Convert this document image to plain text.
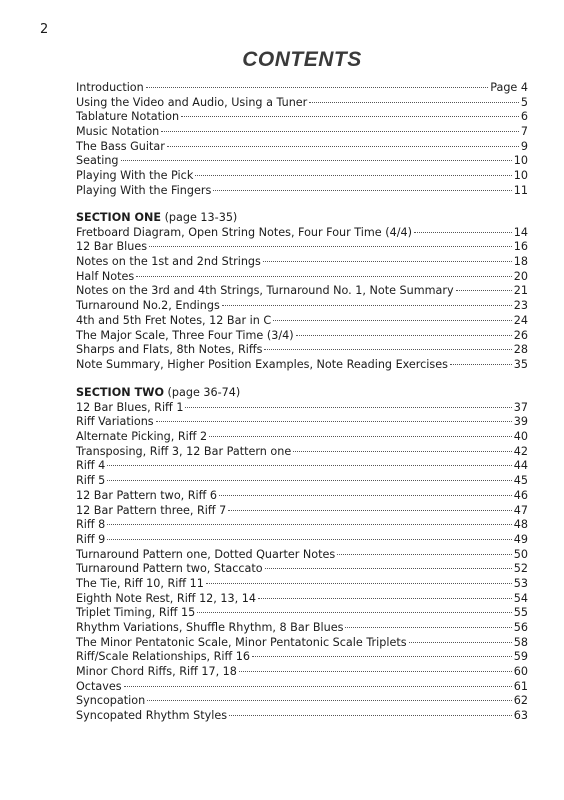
2
CONTENTS
Introduction	Page 4
Using the Video and Audio, Using a Tuner	5
Tablature Notation	6
Music Notation	7
The Bass Guitar	9
Seating	10
Playing With the Pick	10
Playing With the Fingers	11
SECTION ONE (page 13-35)
Fretboard Diagram, Open String Notes, Four Four Time (4/4)	14
12 Bar Blues	16
Notes on the 1st and 2nd Strings	18
Half Notes	20
Notes on the 3rd and 4th Strings, Turnaround No. 1, Note Summary	21
Turnaround No.2, Endings	23
4th and 5th Fret Notes, 12 Bar in C	24
The Major Scale, Three Four Time (3/4)	26
Sharps and Flats, 8th Notes, Riffs	28
Note Summary, Higher Position Examples, Note Reading Exercises	35
SECTION TWO (page 36-74)
12 Bar Blues, Riff 1	37
Riff Variations	39
Alternate Picking, Riff 2	40
Transposing, Riff 3, 12 Bar Pattern one	42
Riff 4	44
Riff 5	45
12 Bar Pattern two, Riff 6	46
12 Bar Pattern three, Riff 7	47
Riff 8	48
Riff 9	49
Turnaround Pattern one, Dotted Quarter Notes	50
Turnaround Pattern two, Staccato	52
The Tie, Riff 10, Riff 11	53
Eighth Note Rest, Riff 12, 13, 14	54
Triplet Timing, Riff 15	55
Rhythm Variations, Shuffle Rhythm, 8 Bar Blues	56
The Minor Pentatonic Scale, Minor Pentatonic Scale Triplets	58
Riff/Scale Relationships, Riff 16	59
Minor Chord Riffs, Riff 17, 18	60
Octaves	61
Syncopation	62
Syncopated Rhythm Styles	63
